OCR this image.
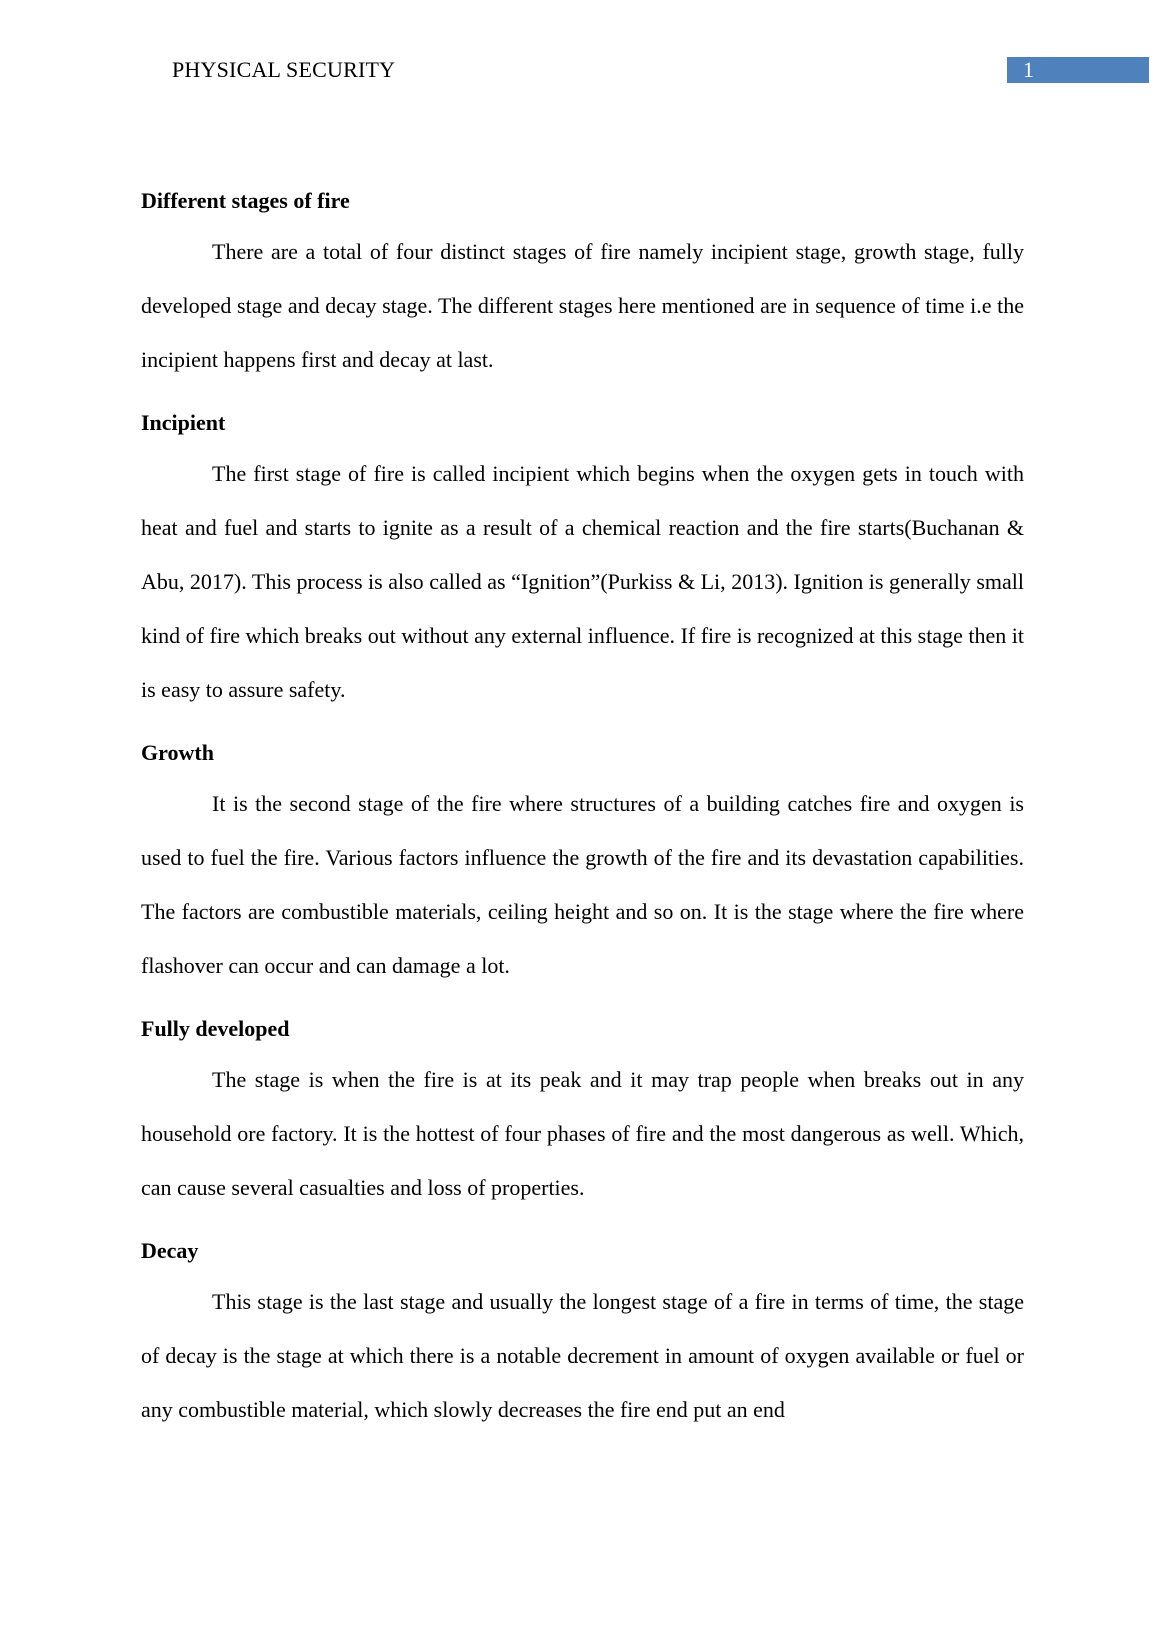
PHYSICAL SECURITY	1

Different stages of fire

There are a total of four distinct stages of fire namely incipient stage, growth stage, fully developed stage and decay stage. The different stages here mentioned are in sequence of time i.e the incipient happens first and decay at last.

Incipient

The first stage of fire is called incipient which begins when the oxygen gets in touch with heat and fuel and starts to ignite as a result of a chemical reaction and the fire starts(Buchanan & Abu, 2017). This process is also called as “Ignition”(Purkiss & Li, 2013). Ignition is generally small kind of fire which breaks out without any external influence. If fire is recognized at this stage then it is easy to assure safety.

Growth

It is the second stage of the fire where structures of a building catches fire and oxygen is used to fuel the fire. Various factors influence the growth of the fire and its devastation capabilities. The factors are combustible materials, ceiling height and so on. It is the stage where the fire where flashover can occur and can damage a lot.

Fully developed

The stage is when the fire is at its peak and it may trap people when breaks out in any household ore factory. It is the hottest of four phases of fire and the most dangerous as well. Which, can cause several casualties and loss of properties.

Decay

This stage is the last stage and usually the longest stage of a fire in terms of time, the stage of decay is the stage at which there is a notable decrement in amount of oxygen available or fuel or any combustible material, which slowly decreases the fire end put an end
